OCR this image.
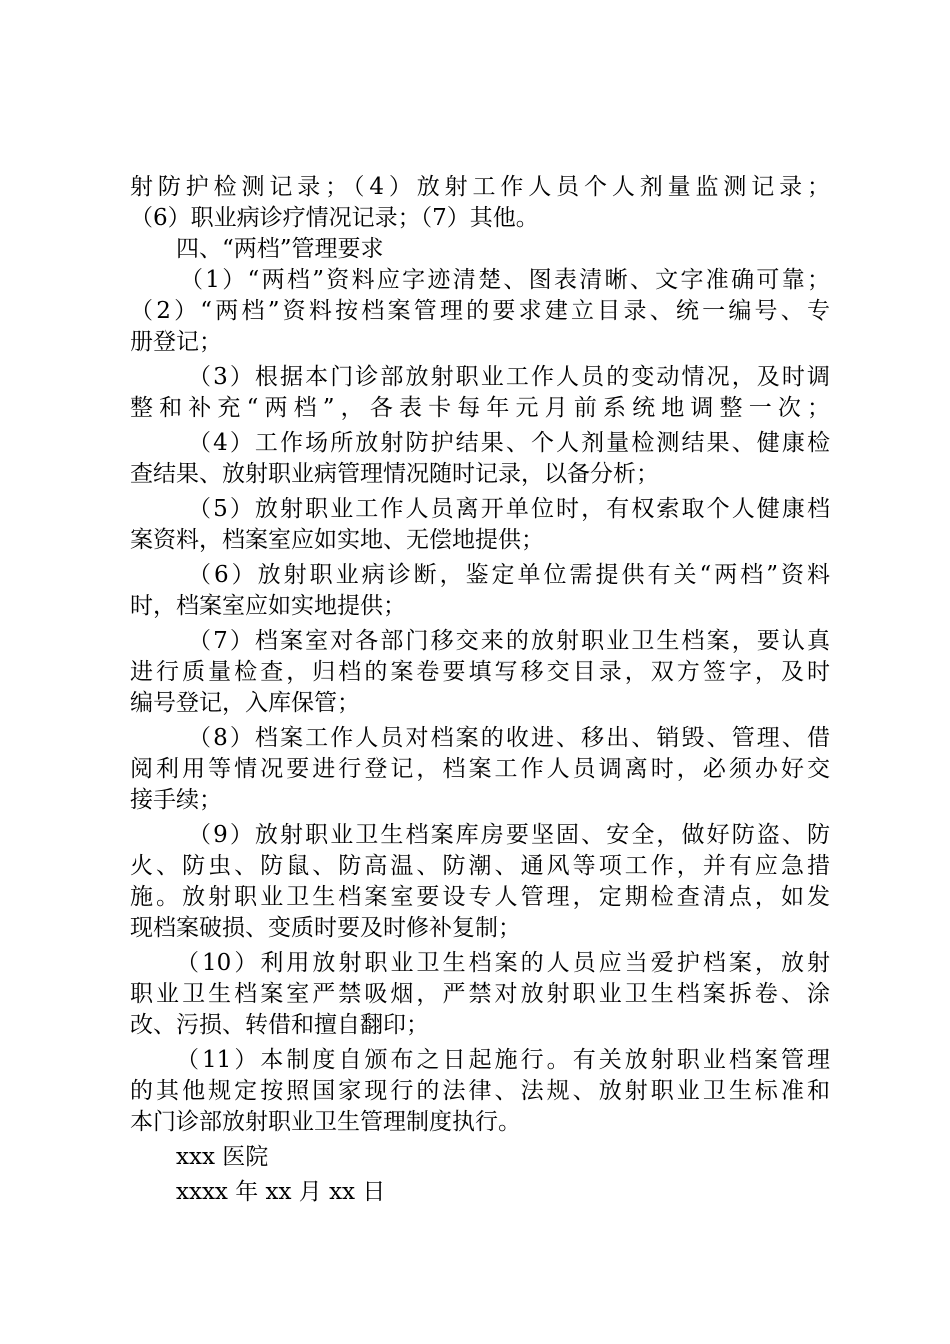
射防护检测记录；（4）放射工作人员个人剂量监测记录；
（6）职业病诊疗情况记录；（7）其他。
四、“两档”管理要求
（1）“两档”资料应字迹清楚、图表清晰、文字准确可靠；
（2）“两档”资料按档案管理的要求建立目录、统一编号、专
册登记；
（3）根据本门诊部放射职业工作人员的变动情况，及时调
整和补充“两档”，各表卡每年元月前系统地调整一次；
（4）工作场所放射防护结果、个人剂量检测结果、健康检
查结果、放射职业病管理情况随时记录，以备分析；
（5）放射职业工作人员离开单位时，有权索取个人健康档
案资料，档案室应如实地、无偿地提供；
（6）放射职业病诊断，鉴定单位需提供有关“两档”资料
时，档案室应如实地提供；
（7）档案室对各部门移交来的放射职业卫生档案，要认真
进行质量检查，归档的案卷要填写移交目录，双方签字，及时
编号登记，入库保管；
（8）档案工作人员对档案的收进、移出、销毁、管理、借
阅利用等情况要进行登记，档案工作人员调离时，必须办好交
接手续；
（9）放射职业卫生档案库房要坚固、安全，做好防盗、防
火、防虫、防鼠、防高温、防潮、通风等项工作，并有应急措
施。放射职业卫生档案室要设专人管理，定期检查清点，如发
现档案破损、变质时要及时修补复制；
（10）利用放射职业卫生档案的人员应当爱护档案，放射
职业卫生档案室严禁吸烟，严禁对放射职业卫生档案拆卷、涂
改、污损、转借和擅自翻印；
（11）本制度自颁布之日起施行。有关放射职业档案管理
的其他规定按照国家现行的法律、法规、放射职业卫生标准和
本门诊部放射职业卫生管理制度执行。
xxx 医院
xxxx 年 xx 月 xx 日
